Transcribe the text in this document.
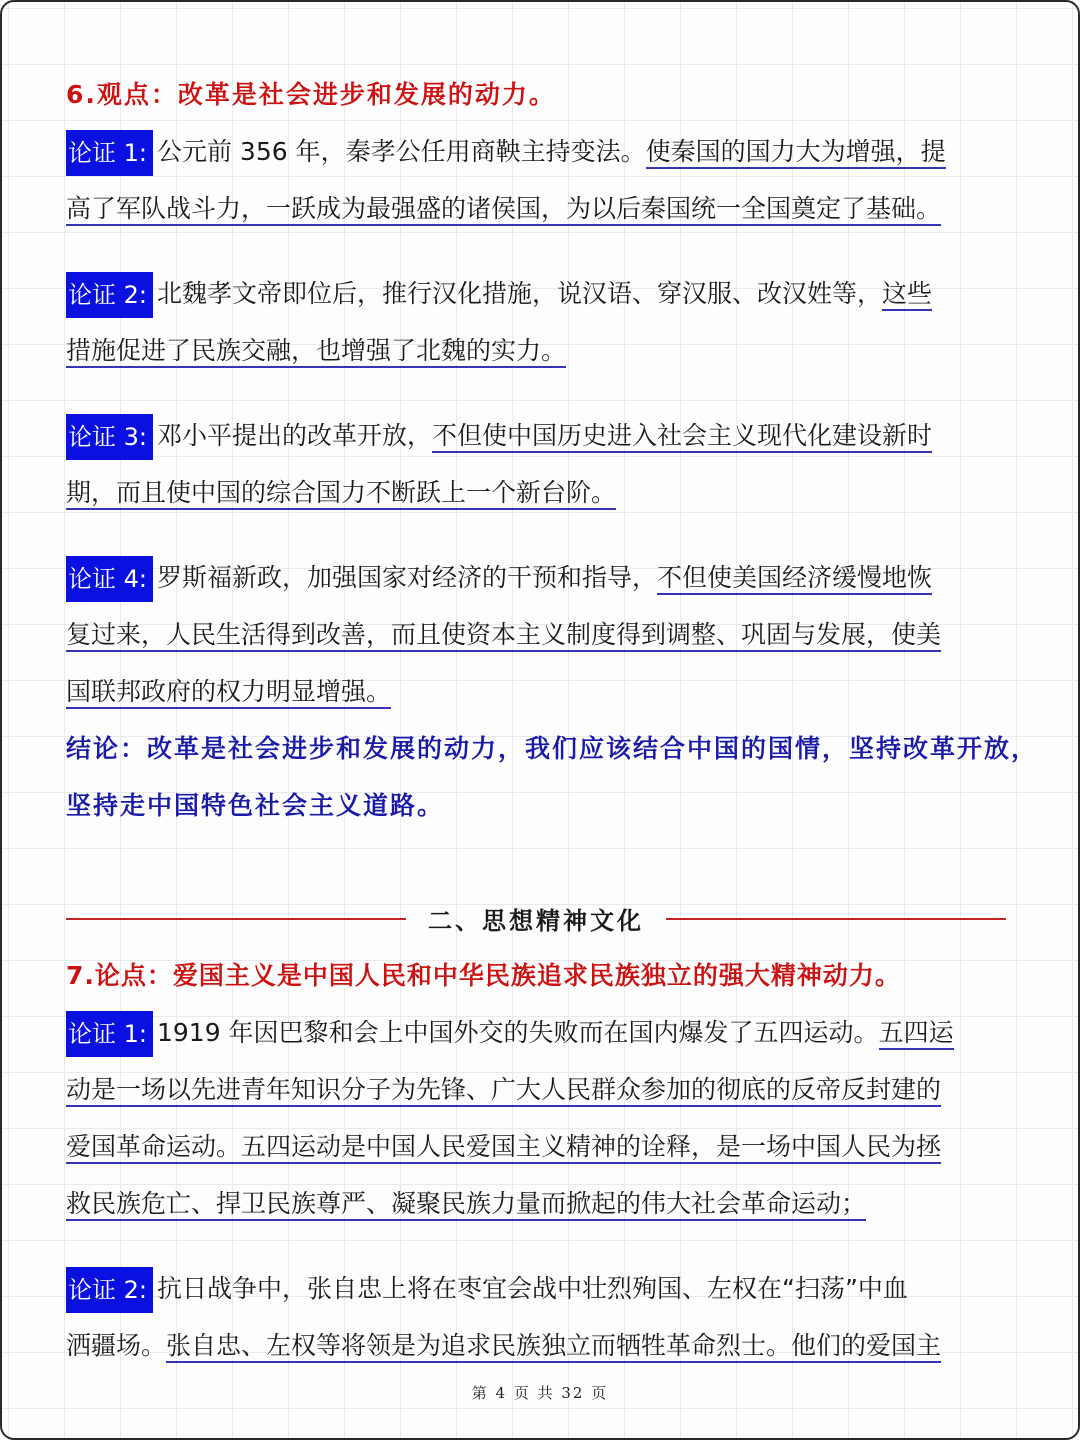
6.观点：改革是社会进步和发展的动力。
论证 1: 公元前 356 年，秦孝公任用商鞅主持变法。使秦国的国力大为增强，提
高了军队战斗力，一跃成为最强盛的诸侯国，为以后秦国统一全国奠定了基础。
论证 2: 北魏孝文帝即位后，推行汉化措施，说汉语、穿汉服、改汉姓等，这些
措施促进了民族交融，也增强了北魏的实力。
论证 3: 邓小平提出的改革开放，不但使中国历史进入社会主义现代化建设新时
期，而且使中国的综合国力不断跃上一个新台阶。
论证 4: 罗斯福新政，加强国家对经济的干预和指导，不但使美国经济缓慢地恢
复过来，人民生活得到改善，而且使资本主义制度得到调整、巩固与发展，使美
国联邦政府的权力明显增强。
结论：改革是社会进步和发展的动力，我们应该结合中国的国情，坚持改革开放，
坚持走中国特色社会主义道路。
二、思想精神文化
7.论点：爱国主义是中国人民和中华民族追求民族独立的强大精神动力。
论证 1: 1919 年因巴黎和会上中国外交的失败而在国内爆发了五四运动。五四运
动是一场以先进青年知识分子为先锋、广大人民群众参加的彻底的反帝反封建的
爱国革命运动。五四运动是中国人民爱国主义精神的诠释，是一场中国人民为拯
救民族危亡、捍卫民族尊严、凝聚民族力量而掀起的伟大社会革命运动；
论证 2: 抗日战争中，张自忠上将在枣宜会战中壮烈殉国、左权在“扫荡”中血
洒疆场。张自忠、左权等将领是为追求民族独立而牺牲革命烈士。他们的爱国主
第 4 页 共 32 页
